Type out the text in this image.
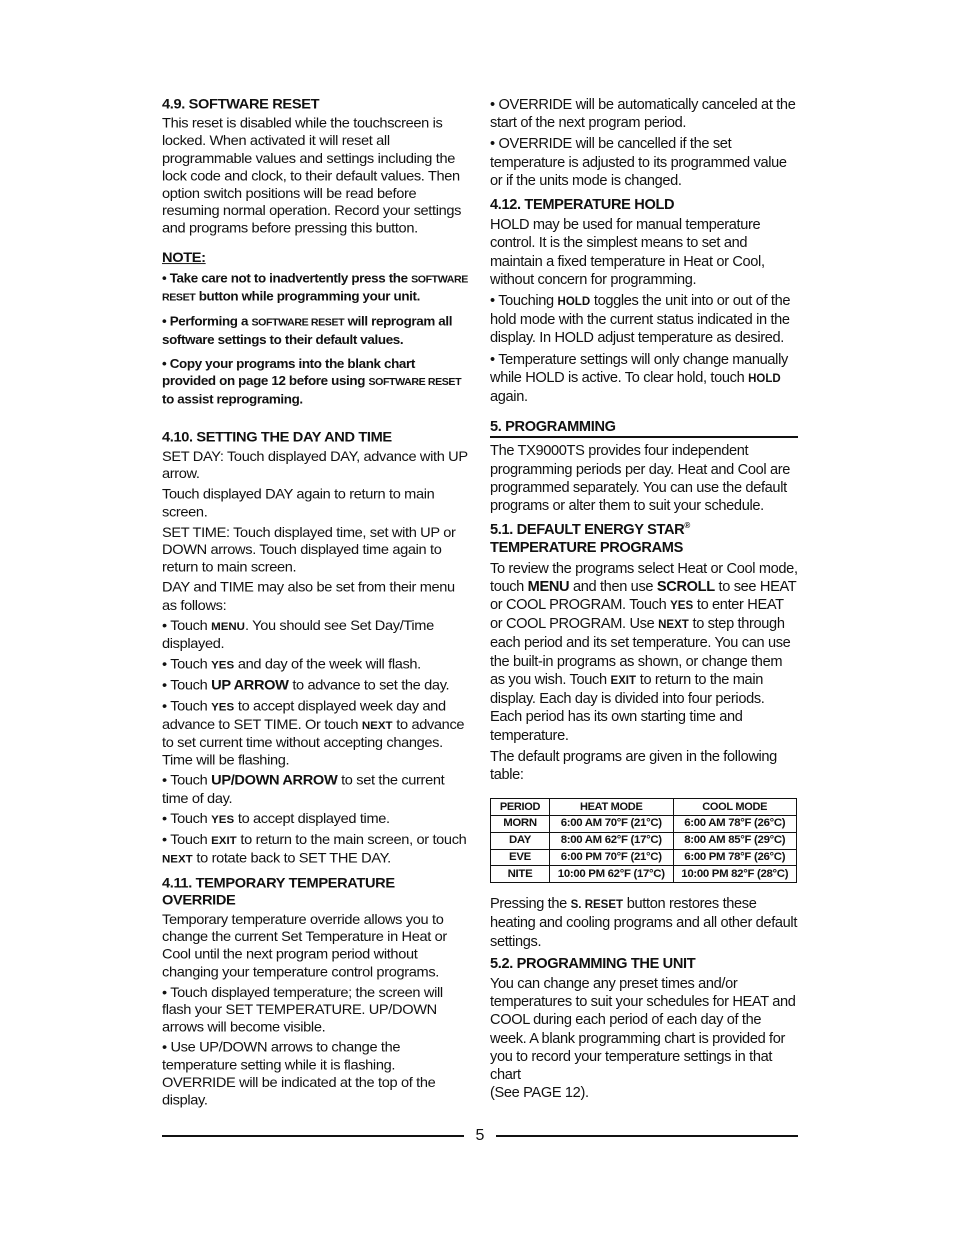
4.9. SOFTWARE RESET

This reset is disabled while the touchscreen is locked. When activated it will reset all programmable values and settings including the lock code and clock, to their default values. Then option switch positions will be read before resuming normal operation. Record your settings and programs before pressing this button.

NOTE:

• Take care not to inadvertently press the SOFTWARE RESET button while programming your unit.

• Performing a SOFTWARE RESET will reprogram all software settings to their default values.

• Copy your programs into the blank chart provided on page 12 before using SOFTWARE RESET to assist reprograming.

4.10. SETTING THE DAY AND TIME

SET DAY: Touch displayed DAY, advance with UP arrow.

Touch displayed DAY again to return to main screen.

SET TIME: Touch displayed time, set with UP or DOWN arrows. Touch displayed time again to return to main screen.

DAY and TIME may also be set from their menu as follows:

• Touch MENU. You should see Set Day/Time displayed.

• Touch YES and day of the week will flash.

• Touch UP ARROW to advance to set the day.

• Touch YES to accept displayed week day and advance to SET TIME. Or touch NEXT to advance to set current time without accepting changes. Time will be flashing.

• Touch UP/DOWN ARROW to set the current time of day.

• Touch YES to accept displayed time.

• Touch EXIT to return to the main screen, or touch NEXT to rotate back to SET THE DAY.

4.11. TEMPORARY TEMPERATURE OVERRIDE

Temporary temperature override allows you to change the current Set Temperature in Heat or Cool until the next program period without changing your temperature control programs.

• Touch displayed temperature; the screen will flash your SET TEMPERATURE. UP/DOWN arrows will become visible.

• Use UP/DOWN arrows to change the temperature setting while it is flashing. OVERRIDE will be indicated at the top of the display.

• OVERRIDE will be automatically canceled at the start of the next program period.

• OVERRIDE will be cancelled if the set temperature is adjusted to its programmed value or if the units mode is changed.

4.12. TEMPERATURE HOLD

HOLD may be used for manual temperature control. It is the simplest means to set and maintain a fixed temperature in Heat or Cool, without concern for programming.

• Touching HOLD toggles the unit into or out of the hold mode with the current status indicated in the display. In HOLD adjust temperature as desired.

• Temperature settings will only change manually while HOLD is active. To clear hold, touch HOLD again.

5. PROGRAMMING

The TX9000TS provides four independent programming periods per day. Heat and Cool are programmed separately. You can use the default programs or alter them to suit your schedule.

5.1. DEFAULT ENERGY STAR® TEMPERATURE PROGRAMS

To review the programs select Heat or Cool mode, touch MENU and then use SCROLL to see HEAT or COOL PROGRAM. Touch YES to enter HEAT or COOL PROGRAM. Use NEXT to step through each period and its set temperature. You can use the built-in programs as shown, or change them as you wish. Touch EXIT to return to the main display. Each day is divided into four periods. Each period has its own starting time and temperature.

The default programs are given in the following table:

PERIOD	HEAT MODE	COOL MODE
MORN	6:00 AM 70°F (21°C)	6:00 AM 78°F (26°C)
DAY	8:00 AM 62°F (17°C)	8:00 AM 85°F (29°C)
EVE	6:00 PM 70°F (21°C)	6:00 PM 78°F (26°C)
NITE	10:00 PM 62°F (17°C)	10:00 PM 82°F (28°C)

Pressing the S. RESET button restores these heating and cooling programs and all other default settings.

5.2. PROGRAMMING THE UNIT

You can change any preset times and/or temperatures to suit your schedules for HEAT and COOL during each period of each day of the week. A blank programming chart is provided for you to record your temperature settings in that chart

(See PAGE 12).

5
